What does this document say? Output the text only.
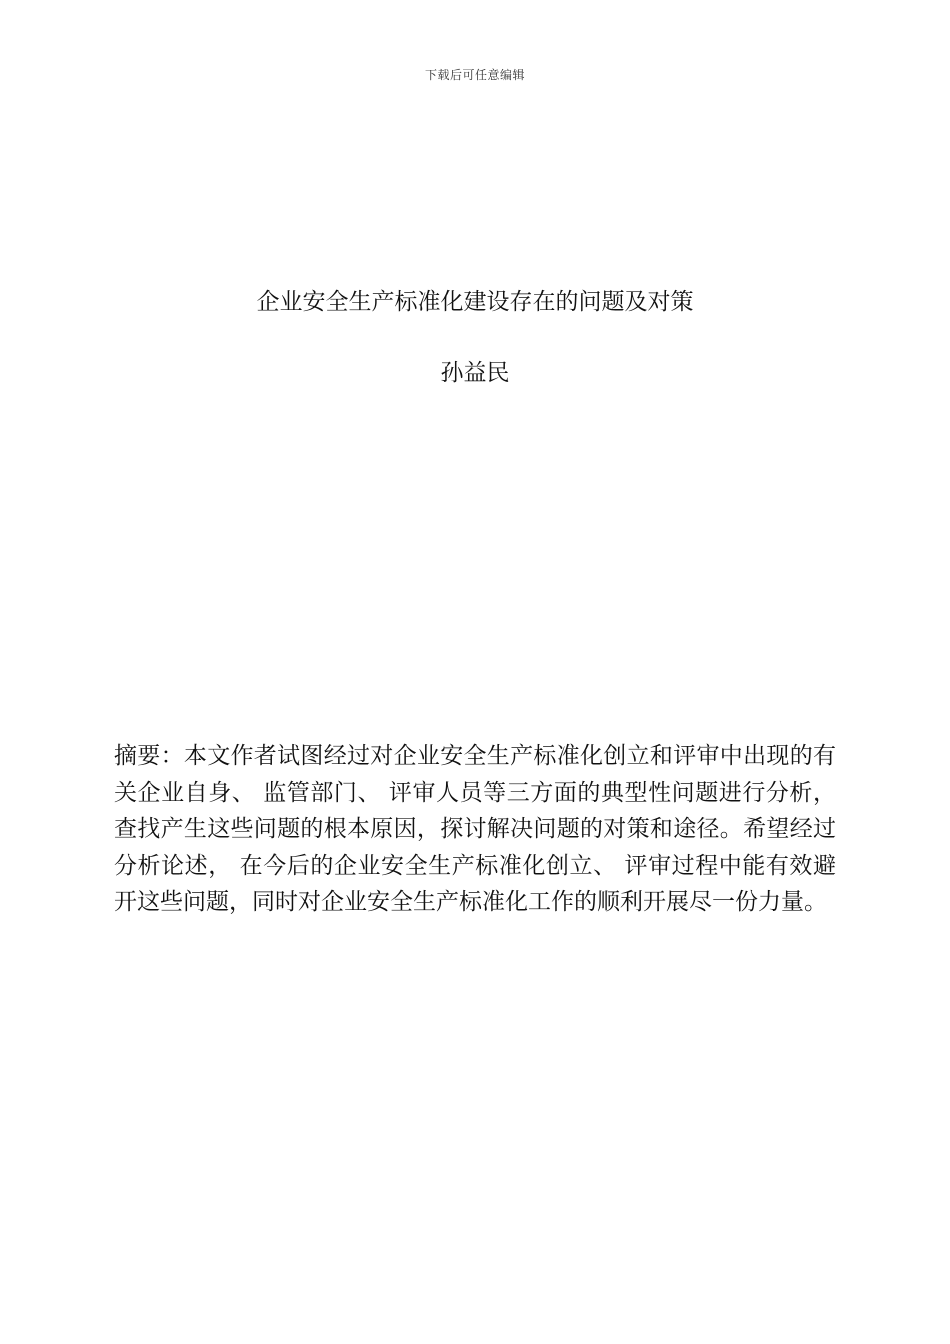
下载后可任意编辑
企业安全生产标准化建设存在的问题及对策
孙益民
摘要：本文作者试图经过对企业安全生产标准化创立和评审中出现的有
关企业自身、 监管部门、 评审人员等三方面的典型性问题进行分析，
查找产生这些问题的根本原因，探讨解决问题的对策和途径。希望经过
分析论述， 在今后的企业安全生产标准化创立、 评审过程中能有效避
开这些问题，同时对企业安全生产标准化工作的顺利开展尽一份力量。
